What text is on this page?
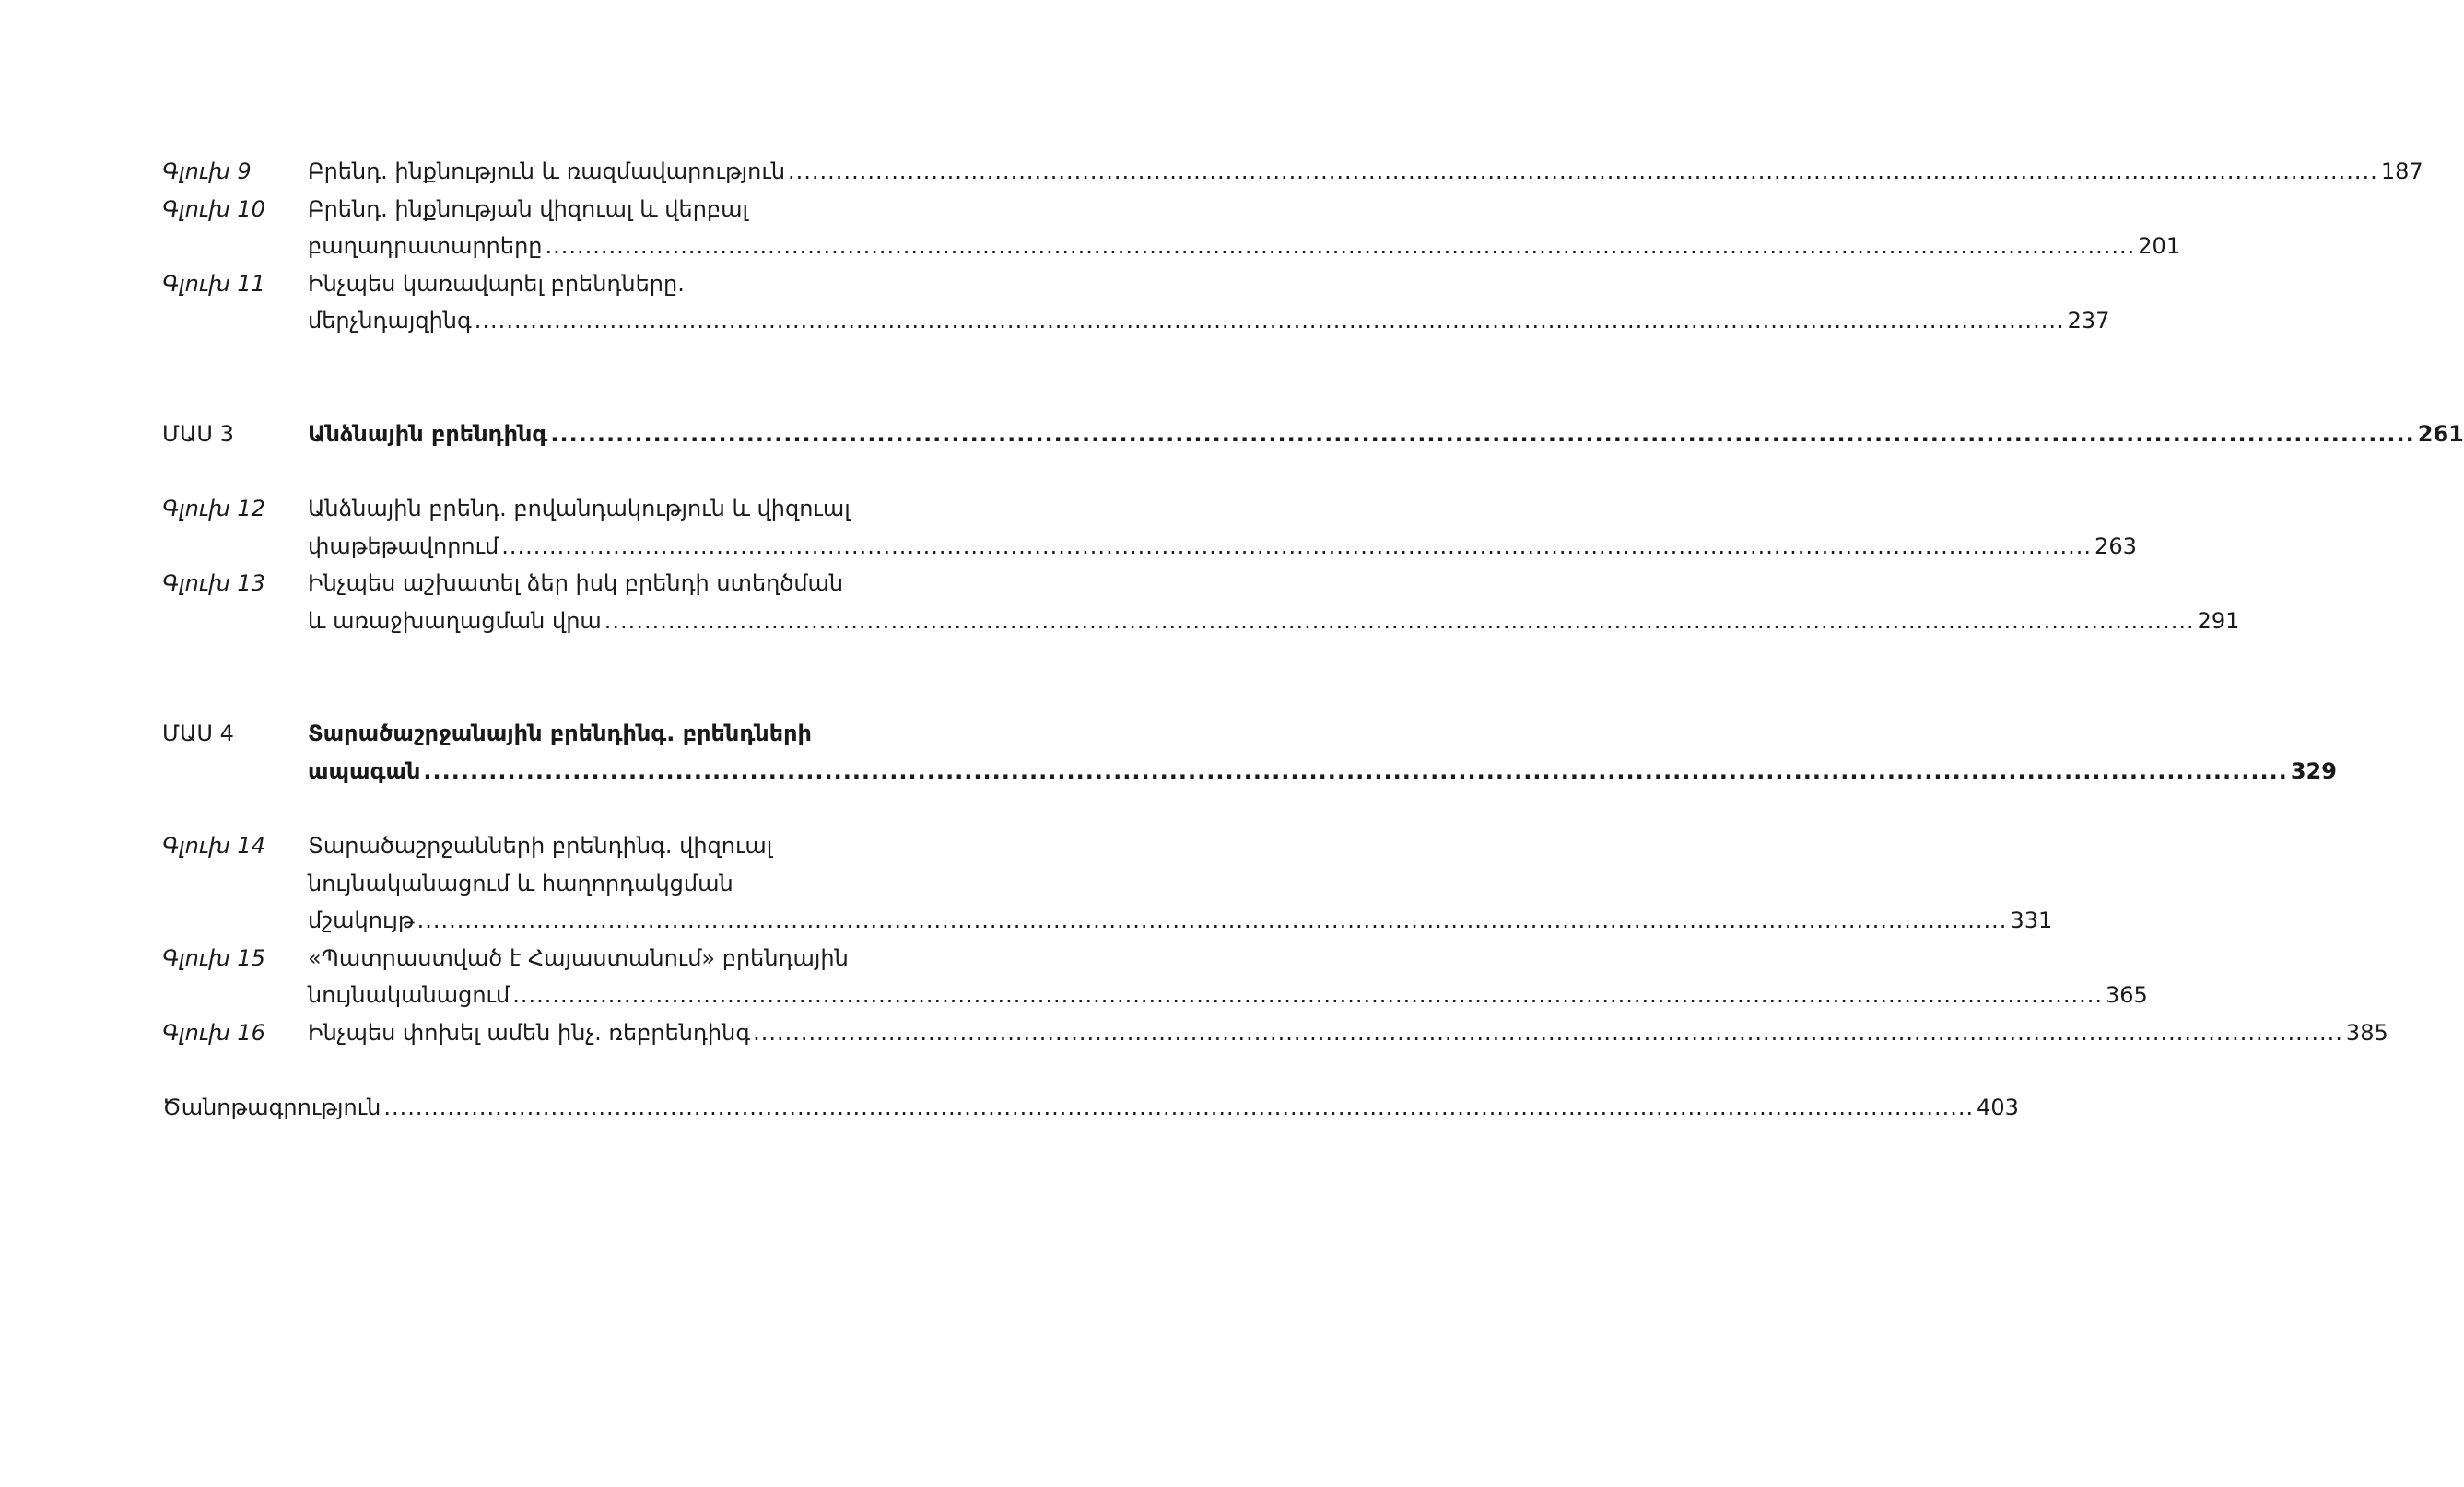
Գլուխ 9	Բրենդ. ինքնություն և ռազմավարություն ........................................................................................................................................................................................................ 187
Գլուխ 10	Բրենդ. ինքնության վիզուալ և վերբալ
բաղադրատարրերը ........................................................................................................................................................................................................ 201
Գլուխ 11	Ինչպես կառավարել բրենդները.
մերչնդայզինգ ........................................................................................................................................................................................................ 237
ՄԱՍ 3	Անձնային բրենդինգ ........................................................................................................................................................................................................ 261
Գլուխ 12	Անձնային բրենդ. բովանդակություն և վիզուալ
փաթեթավորում ........................................................................................................................................................................................................ 263
Գլուխ 13	Ինչպես աշխատել ձեր իսկ բրենդի ստեղծման
և առաջխաղացման վրա ........................................................................................................................................................................................................ 291
ՄԱՍ 4	Տարածաշրջանային բրենդինգ. բրենդների
ապագան ........................................................................................................................................................................................................ 329
Գլուխ 14	Տարածաշրջանների բրենդինգ. վիզուալ
նույնականացում և հաղորդակցման
մշակույթ ........................................................................................................................................................................................................ 331
Գլուխ 15	«Պատրաստված է Հայաստանում» բրենդային
նույնականացում ........................................................................................................................................................................................................ 365
Գլուխ 16	Ինչպես փոխել ամեն ինչ. ռեբրենդինգ ........................................................................................................................................................................................................ 385
Ծանոթագրություն ........................................................................................................................................................................................................ 403
